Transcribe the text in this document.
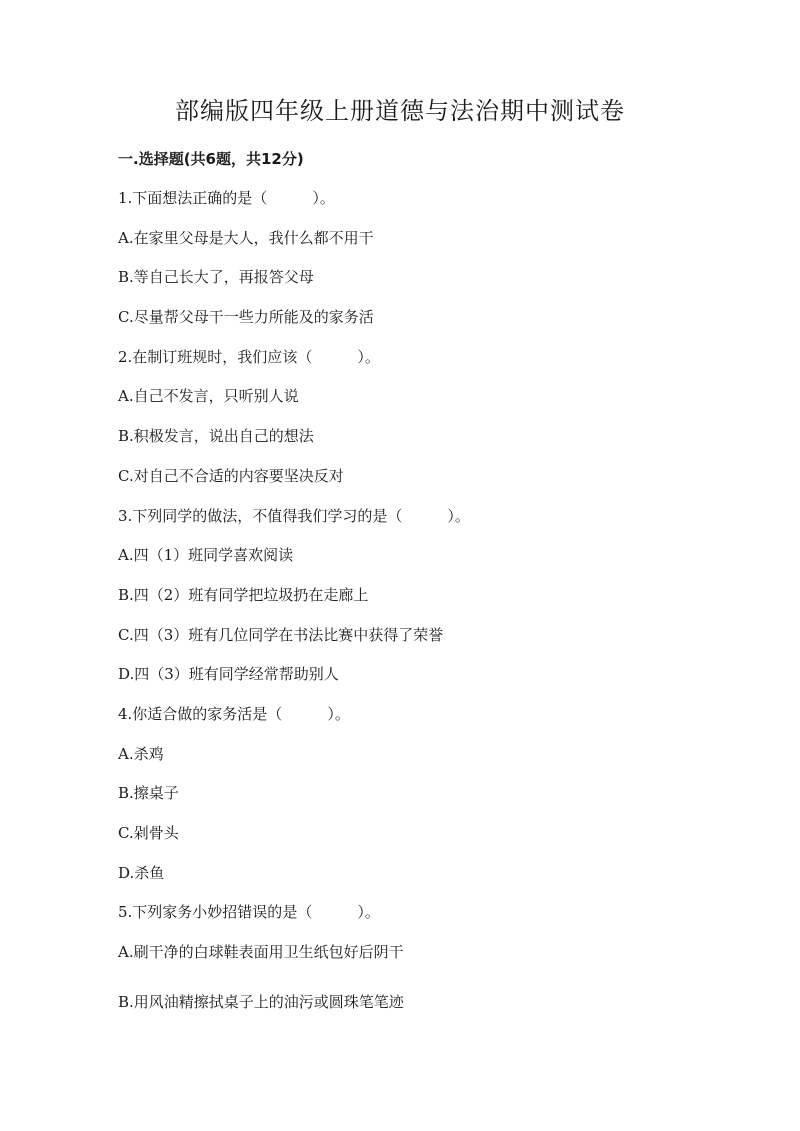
部编版四年级上册道德与法治期中测试卷
一.选择题(共6题，共12分)
1.下面想法正确的是（　　　）。
A.在家里父母是大人，我什么都不用干
B.等自己长大了，再报答父母
C.尽量帮父母干一些力所能及的家务活
2.在制订班规时，我们应该（　　　）。
A.自己不发言，只听别人说
B.积极发言，说出自己的想法
C.对自己不合适的内容要坚决反对
3.下列同学的做法，不值得我们学习的是（　　　）。
A.四（1）班同学喜欢阅读
B.四（2）班有同学把垃圾扔在走廊上
C.四（3）班有几位同学在书法比赛中获得了荣誉
D.四（3）班有同学经常帮助别人
4.你适合做的家务活是（　　　）。
A.杀鸡
B.擦桌子
C.剁骨头
D.杀鱼
5.下列家务小妙招错误的是（　　　）。
A.刷干净的白球鞋表面用卫生纸包好后阴干
B.用风油精擦拭桌子上的油污或圆珠笔笔迹
